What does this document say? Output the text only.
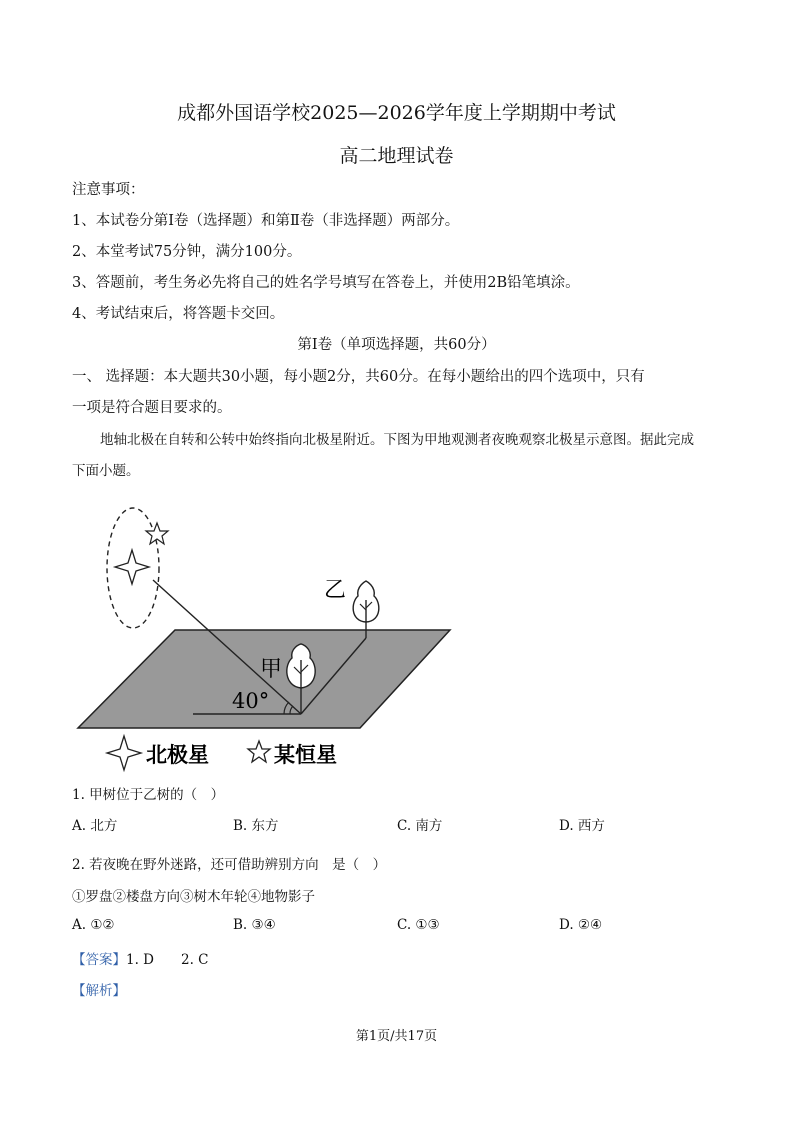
成都外国语学校2025—2026学年度上学期期中考试
高二地理试卷
注意事项：
1、本试卷分第Ⅰ卷（选择题）和第Ⅱ卷（非选择题）两部分。
2、本堂考试75分钟，满分100分。
3、答题前，考生务必先将自己的姓名学号填写在答卷上，并使用2B铅笔填涂。
4、考试结束后，将答题卡交回。
第Ⅰ卷（单项选择题，共60分）
一、 选择题：本大题共30小题，每小题2分，共60分。在每小题给出的四个选项中，只有
一项是符合题目要求的。
地轴北极在自转和公转中始终指向北极星附近。下图为甲地观测者夜晚观察北极星示意图。据此完成
下面小题。
乙
甲
40°
北极星	某恒星
1. 甲树位于乙树的（　）
A. 北方	B. 东方	C. 南方	D. 西方
2. 若夜晚在野外迷路，还可借助辨别方向　是（　）
①罗盘②楼盘方向③树木年轮④地物影子
A. ①②	B. ③④	C. ①③	D. ②④
【答案】1. D　　2. C
【解析】
第1页/共17页
